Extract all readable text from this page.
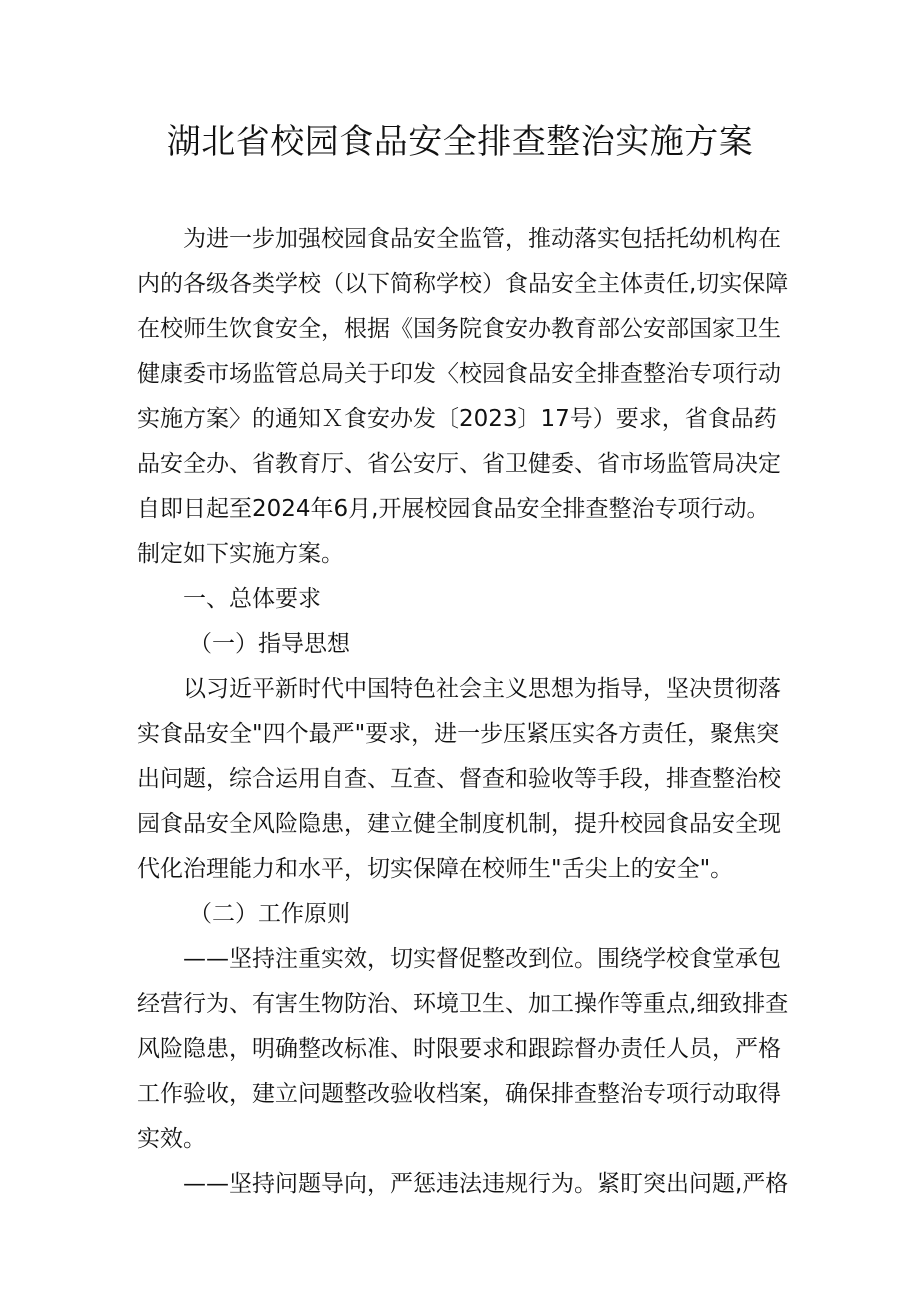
湖北省校园食品安全排查整治实施方案
为进一步加强校园食品安全监管，推动落实包括托幼机构在
内的各级各类学校（以下简称学校）食品安全主体责任,切实保障
在校师生饮食安全，根据《国务院食安办教育部公安部国家卫生
健康委市场监管总局关于印发〈校园食品安全排查整治专项行动
实施方案〉的通知Ｘ食安办发〔2023〕17号）要求，省食品药
品安全办、省教育厅、省公安厅、省卫健委、省市场监管局决定
自即日起至2024年6月,开展校园食品安全排查整治专项行动。
制定如下实施方案。
一、总体要求
（一）指导思想
以习近平新时代中国特色社会主义思想为指导，坚决贯彻落
实食品安全"四个最严"要求，进一步压紧压实各方责任，聚焦突
出问题，综合运用自查、互查、督查和验收等手段，排查整治校
园食品安全风险隐患，建立健全制度机制，提升校园食品安全现
代化治理能力和水平，切实保障在校师生"舌尖上的安全"。
（二）工作原则
——坚持注重实效，切实督促整改到位。围绕学校食堂承包
经营行为、有害生物防治、环境卫生、加工操作等重点,细致排查
风险隐患，明确整改标准、时限要求和跟踪督办责任人员，严格
工作验收，建立问题整改验收档案，确保排查整治专项行动取得
实效。
——坚持问题导向，严惩违法违规行为。紧盯突出问题,严格
